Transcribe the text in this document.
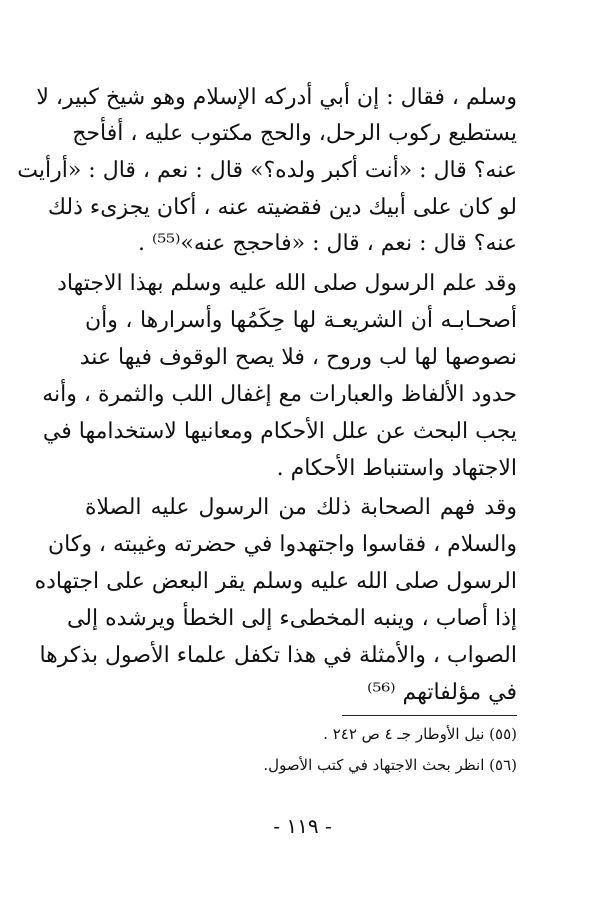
وسلم ، فقال : إن أبي أدركه الإسلام وهو شيخ كبير، لا
يستطيع ركوب الرحل، والحج مكتوب عليه ، أفأحج
عنه؟ قال : «أنت أكبر ولده؟» قال : نعم ، قال : «أرأيت
لو كان على أبيك دين فقضيته عنه ، أكان يجزىء ذلك
عنه؟ قال : نعم ، قال : «فاحجج عنه»⁽⁵⁵⁾ .
وقد علم الرسول صلى الله عليه وسلم بهذا الاجتهاد
أصحـابـه أن الشريعـة لها حِكَمُها وأسرارها ، وأن
نصوصها لها لب وروح ، فلا يصح الوقوف فيها عند
حدود الألفاظ والعبارات مع إغفال اللب والثمرة ، وأنه
يجب البحث عن علل الأحكام ومعانيها لاستخدامها في
الاجتهاد واستنباط الأحكام .
وقد فهم الصحابة ذلك من الرسول عليه الصلاة
والسلام ، فقاسوا واجتهدوا في حضرته وغيبته ، وكان
الرسول صلى الله عليه وسلم يقر البعض على اجتهاده
إذا أصاب ، وينبه المخطىء إلى الخطأ ويرشده إلى
الصواب ، والأمثلة في هذا تكفل علماء الأصول بذكرها
في مؤلفاتهم ⁽⁵⁶⁾
(٥٥) نيل الأوطار جـ ٤ ص ٢٤٢ .
(٥٦) انظر بحث الاجتهاد في كتب الأصول.
- ١١٩ -
